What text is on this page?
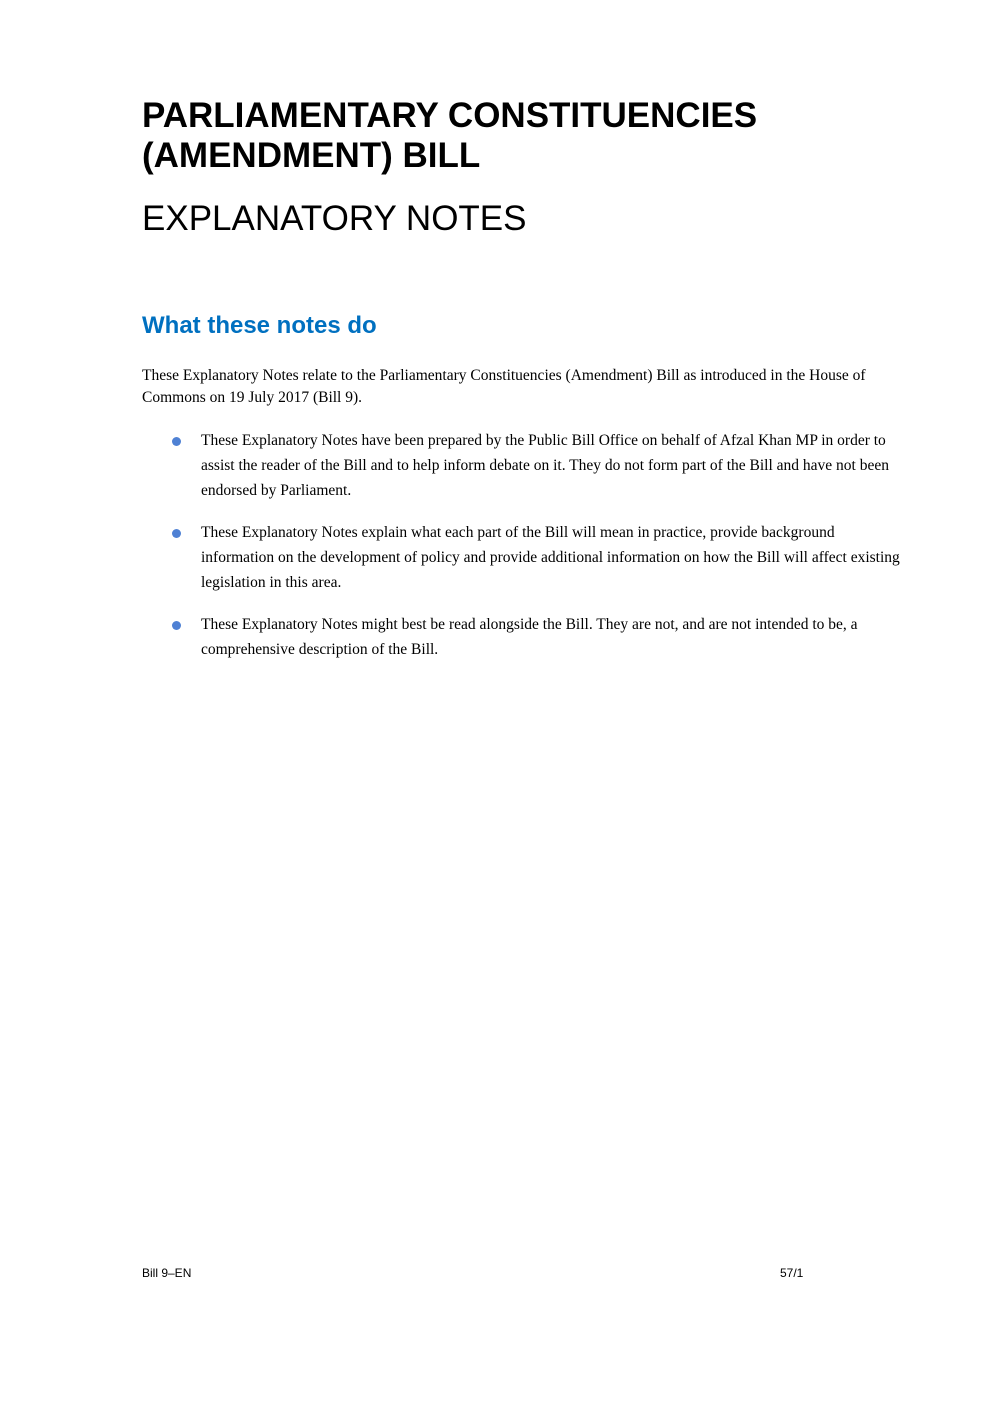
PARLIAMENTARY CONSTITUENCIES (AMENDMENT) BILL
EXPLANATORY NOTES
What these notes do

These Explanatory Notes relate to the Parliamentary Constituencies (Amendment) Bill as introduced in the House of Commons on 19 July 2017 (Bill 9).

These Explanatory Notes have been prepared by the Public Bill Office on behalf of Afzal Khan MP in order to assist the reader of the Bill and to help inform debate on it. They do not form part of the Bill and have not been endorsed by Parliament.
These Explanatory Notes explain what each part of the Bill will mean in practice, provide background information on the development of policy and provide additional information on how the Bill will affect existing legislation in this area.
These Explanatory Notes might best be read alongside the Bill. They are not, and are not intended to be, a comprehensive description of the Bill.
Bill 9–EN	57/1
